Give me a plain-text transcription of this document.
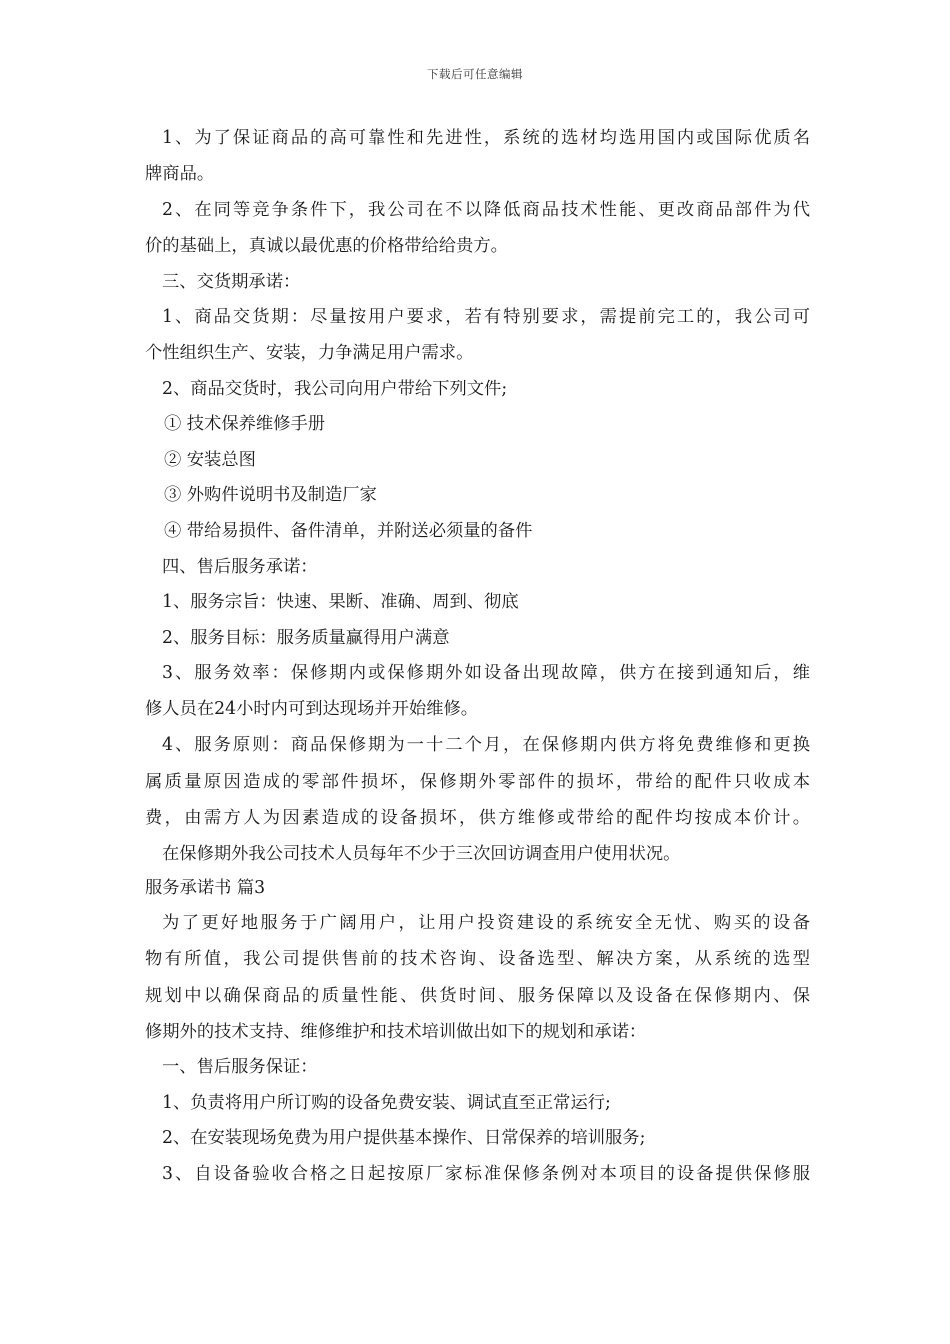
下载后可任意编辑
1、为了保证商品的高可靠性和先进性，系统的选材均选用国内或国际优质名
牌商品。
2、在同等竞争条件下，我公司在不以降低商品技术性能、更改商品部件为代
价的基础上，真诚以最优惠的价格带给给贵方。
三、交货期承诺：
1、商品交货期：尽量按用户要求，若有特别要求，需提前完工的，我公司可
个性组织生产、安装，力争满足用户需求。
2、商品交货时，我公司向用户带给下列文件;
① 技术保养维修手册
② 安装总图
③ 外购件说明书及制造厂家
④ 带给易损件、备件清单，并附送必须量的备件
四、售后服务承诺：
1、服务宗旨：快速、果断、准确、周到、彻底
2、服务目标：服务质量赢得用户满意
3、服务效率：保修期内或保修期外如设备出现故障，供方在接到通知后，维
修人员在24小时内可到达现场并开始维修。
4、服务原则：商品保修期为一十二个月，在保修期内供方将免费维修和更换
属质量原因造成的零部件损坏，保修期外零部件的损坏，带给的配件只收成本
费，由需方人为因素造成的设备损坏，供方维修或带给的配件均按成本价计。
在保修期外我公司技术人员每年不少于三次回访调查用户使用状况。
服务承诺书 篇3
为了更好地服务于广阔用户，让用户投资建设的系统安全无忧、购买的设备
物有所值，我公司提供售前的技术咨询、设备选型、解决方案，从系统的选型
规划中以确保商品的质量性能、供货时间、服务保障以及设备在保修期内、保
修期外的技术支持、维修维护和技术培训做出如下的规划和承诺：
一、售后服务保证：
1、负责将用户所订购的设备免费安装、调试直至正常运行;
2、在安装现场免费为用户提供基本操作、日常保养的培训服务;
3、自设备验收合格之日起按原厂家标准保修条例对本项目的设备提供保修服
